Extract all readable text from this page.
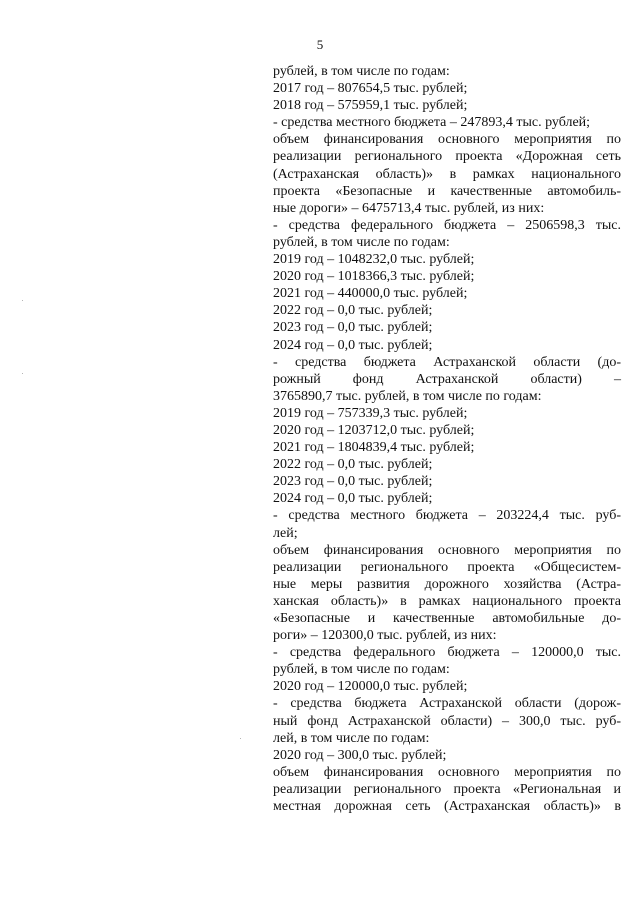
5
рублей, в том числе по годам:
2017 год – 807654,5 тыс. рублей;
2018 год – 575959,1 тыс. рублей;
- средства местного бюджета – 247893,4 тыс. рублей;
объем финансирования основного мероприятия по
реализации регионального проекта «Дорожная сеть
(Астраханская область)» в рамках национального
проекта «Безопасные и качественные автомобиль-
ные дороги» – 6475713,4 тыс. рублей, из них:
- средства федерального бюджета – 2506598,3 тыс.
рублей, в том числе по годам:
2019 год – 1048232,0 тыс. рублей;
2020 год – 1018366,3 тыс. рублей;
2021 год – 440000,0 тыс. рублей;
2022 год – 0,0 тыс. рублей;
2023 год – 0,0 тыс. рублей;
2024 год – 0,0 тыс. рублей;
- средства бюджета Астраханской области (до-
рожный фонд Астраханской области) –
3765890,7 тыс. рублей, в том числе по годам:
2019 год – 757339,3 тыс. рублей;
2020 год – 1203712,0 тыс. рублей;
2021 год – 1804839,4 тыс. рублей;
2022 год – 0,0 тыс. рублей;
2023 год – 0,0 тыс. рублей;
2024 год – 0,0 тыс. рублей;
- средства местного бюджета – 203224,4 тыс. руб-
лей;
объем финансирования основного мероприятия по
реализации регионального проекта «Общесистем-
ные меры развития дорожного хозяйства (Астра-
ханская область)» в рамках национального проекта
«Безопасные и качественные автомобильные до-
роги» – 120300,0 тыс. рублей, из них:
- средства федерального бюджета – 120000,0 тыс.
рублей, в том числе по годам:
2020 год – 120000,0 тыс. рублей;
- средства бюджета Астраханской области (дорож-
ный фонд Астраханской области) – 300,0 тыс. руб-
лей, в том числе по годам:
2020 год – 300,0 тыс. рублей;
объем финансирования основного мероприятия по
реализации регионального проекта «Региональная и
местная дорожная сеть (Астраханская область)» в
